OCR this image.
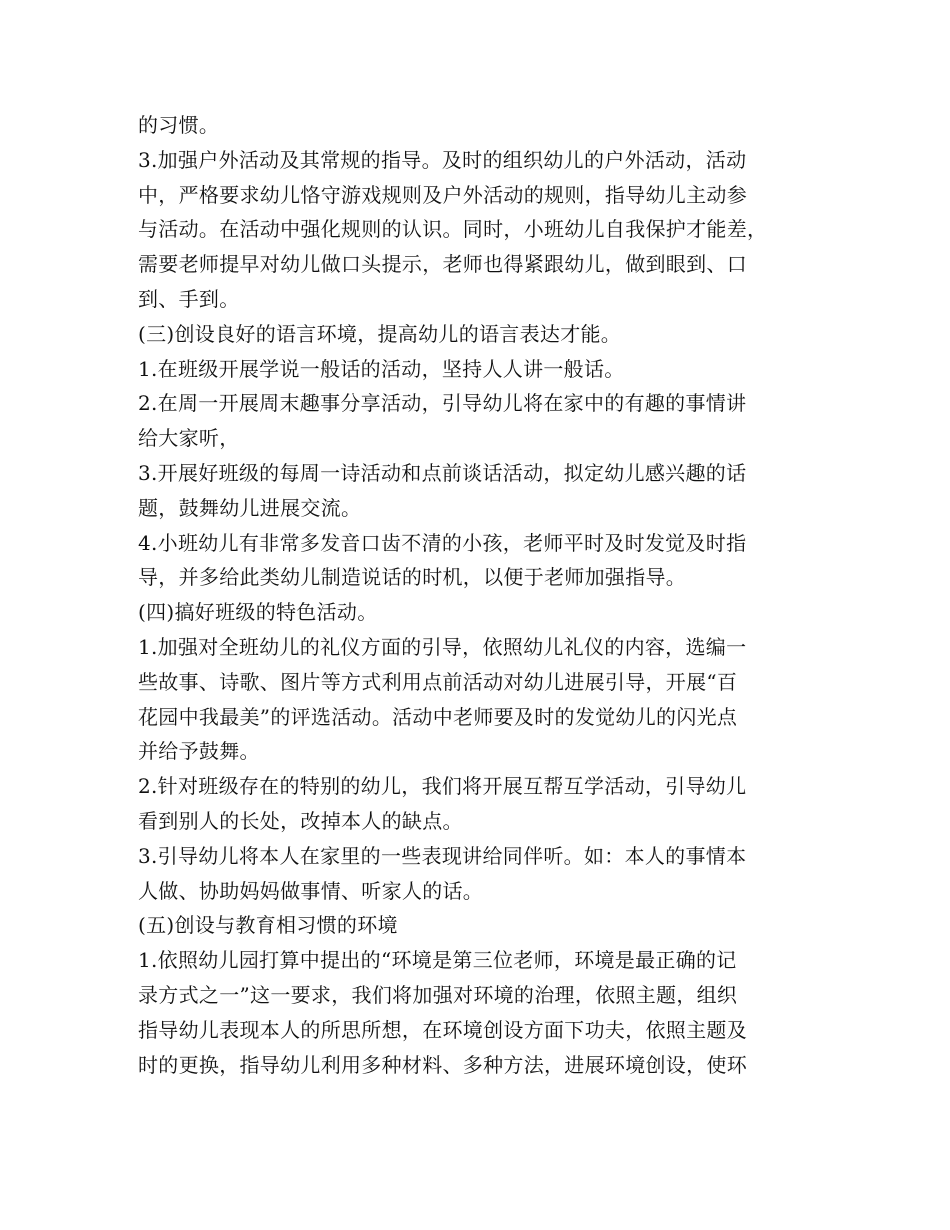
的习惯。
3.加强户外活动及其常规的指导。及时的组织幼儿的户外活动，活动
中，严格要求幼儿恪守游戏规则及户外活动的规则，指导幼儿主动参
与活动。在活动中强化规则的认识。同时，小班幼儿自我保护才能差，
需要老师提早对幼儿做口头提示，老师也得紧跟幼儿，做到眼到、口
到、手到。
(三)创设良好的语言环境，提高幼儿的语言表达才能。
1.在班级开展学说一般话的活动，坚持人人讲一般话。
2.在周一开展周末趣事分享活动，引导幼儿将在家中的有趣的事情讲
给大家听，
3.开展好班级的每周一诗活动和点前谈话活动，拟定幼儿感兴趣的话
题，鼓舞幼儿进展交流。
4.小班幼儿有非常多发音口齿不清的小孩，老师平时及时发觉及时指
导，并多给此类幼儿制造说话的时机，以便于老师加强指导。
(四)搞好班级的特色活动。
1.加强对全班幼儿的礼仪方面的引导，依照幼儿礼仪的内容，选编一
些故事、诗歌、图片等方式利用点前活动对幼儿进展引导，开展“百
花园中我最美”的评选活动。活动中老师要及时的发觉幼儿的闪光点
并给予鼓舞。
2.针对班级存在的特别的幼儿，我们将开展互帮互学活动，引导幼儿
看到别人的长处，改掉本人的缺点。
3.引导幼儿将本人在家里的一些表现讲给同伴听。如：本人的事情本
人做、协助妈妈做事情、听家人的话。
(五)创设与教育相习惯的环境
1.依照幼儿园打算中提出的“环境是第三位老师，环境是最正确的记
录方式之一”这一要求，我们将加强对环境的治理，依照主题，组织
指导幼儿表现本人的所思所想，在环境创设方面下功夫，依照主题及
时的更换，指导幼儿利用多种材料、多种方法，进展环境创设，使环
